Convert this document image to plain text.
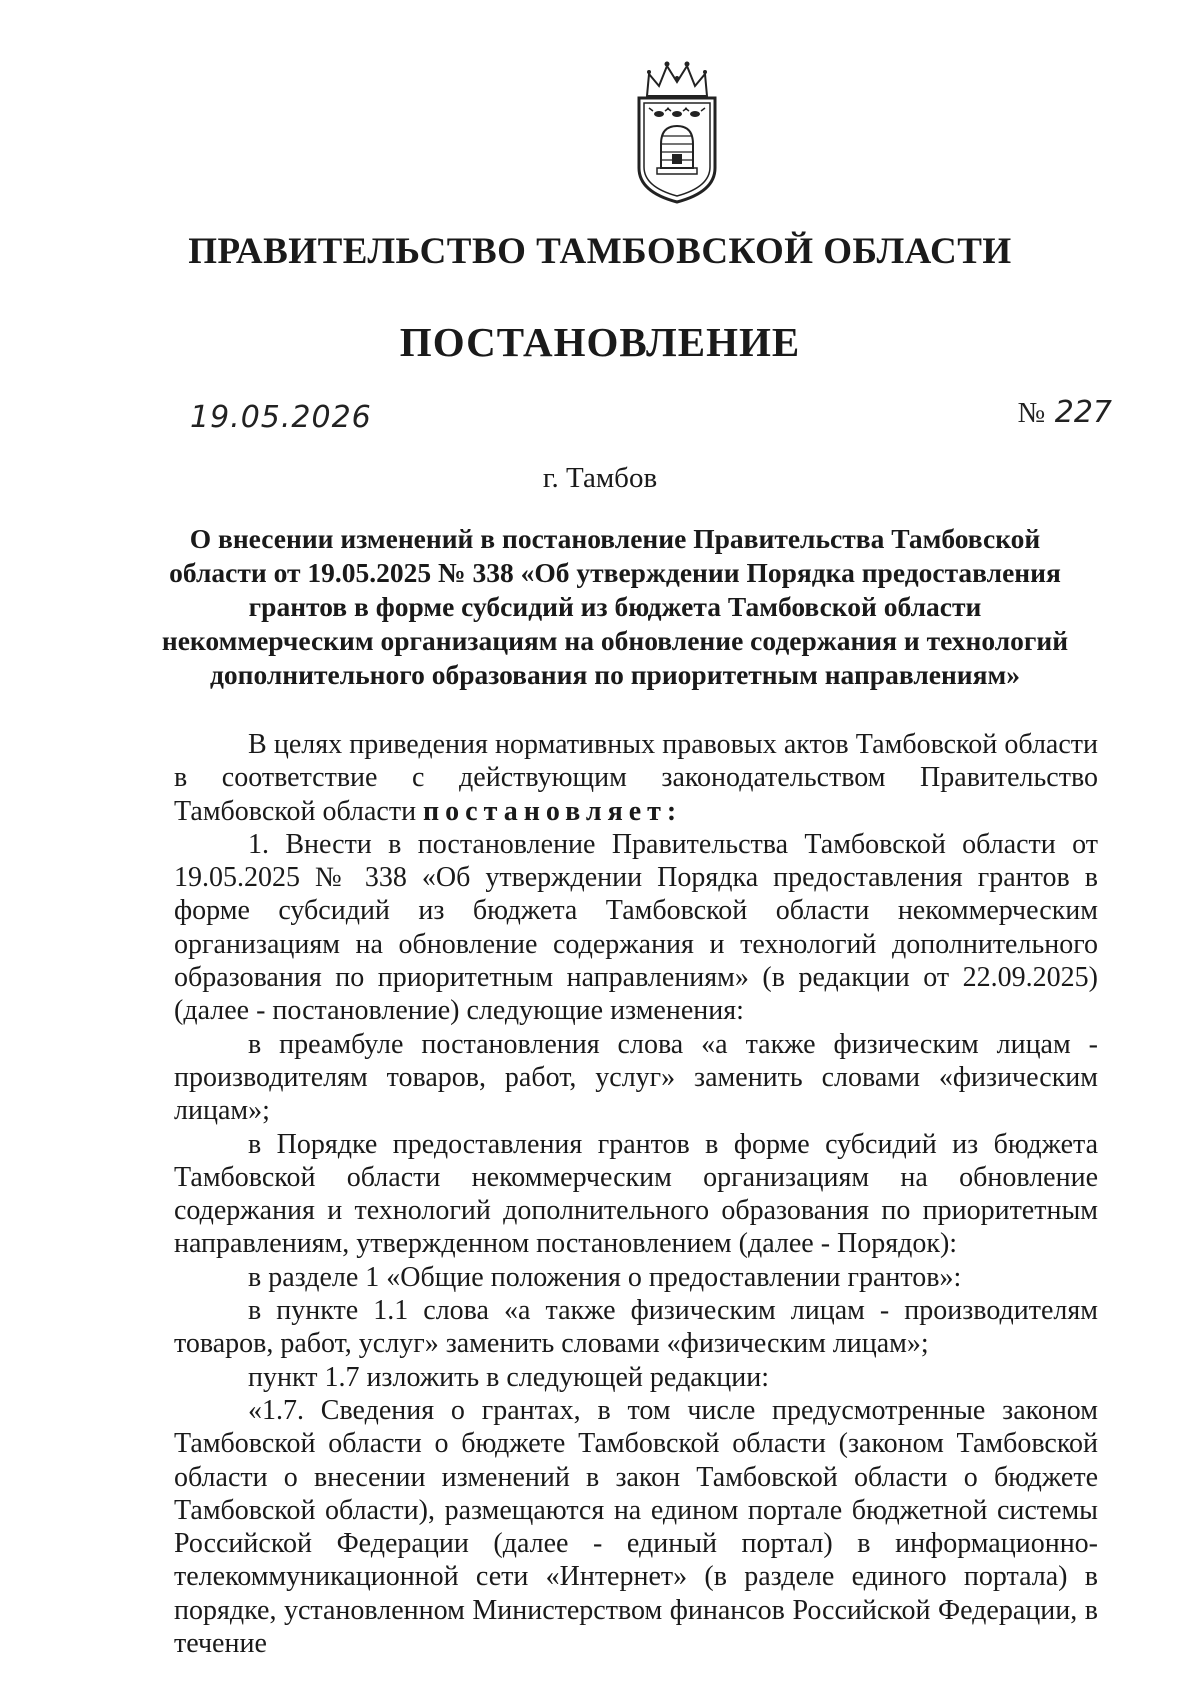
ПРАВИТЕЛЬСТВО ТАМБОВСКОЙ ОБЛАСТИ
ПОСТАНОВЛЕНИЕ
19.05.2026	№ 227
г. Тамбов
О внесении изменений в постановление Правительства Тамбовской области от 19.05.2025 № 338 «Об утверждении Порядка предоставления грантов в форме субсидий из бюджета Тамбовской области некоммерческим организациям на обновление содержания и технологий дополнительного образования по приоритетным направлениям»

В целях приведения нормативных правовых актов Тамбовской области в соответствие с действующим законодательством Правительство Тамбовской области постановляет:

1. Внести в постановление Правительства Тамбовской области от 19.05.2025 № 338 «Об утверждении Порядка предоставления грантов в форме субсидий из бюджета Тамбовской области некоммерческим организациям на обновление содержания и технологий дополнительного образования по приоритетным направлениям» (в редакции от 22.09.2025) (далее - постановление) следующие изменения:

в преамбуле постановления слова «а также физическим лицам - производителям товаров, работ, услуг» заменить словами «физическим лицам»;

в Порядке предоставления грантов в форме субсидий из бюджета Тамбовской области некоммерческим организациям на обновление содержания и технологий дополнительного образования по приоритетным направлениям, утвержденном постановлением (далее - Порядок):

в разделе 1 «Общие положения о предоставлении грантов»:

в пункте 1.1 слова «а также физическим лицам - производителям товаров, работ, услуг» заменить словами «физическим лицам»;

пункт 1.7 изложить в следующей редакции:

«1.7. Сведения о грантах, в том числе предусмотренные законом Тамбовской области о бюджете Тамбовской области (законом Тамбовской области о внесении изменений в закон Тамбовской области о бюджете Тамбовской области), размещаются на едином портале бюджетной системы Российской Федерации (далее - единый портал) в информационно-телекоммуникационной сети «Интернет» (в разделе единого портала) в порядке, установленном Министерством финансов Российской Федерации, в течение
